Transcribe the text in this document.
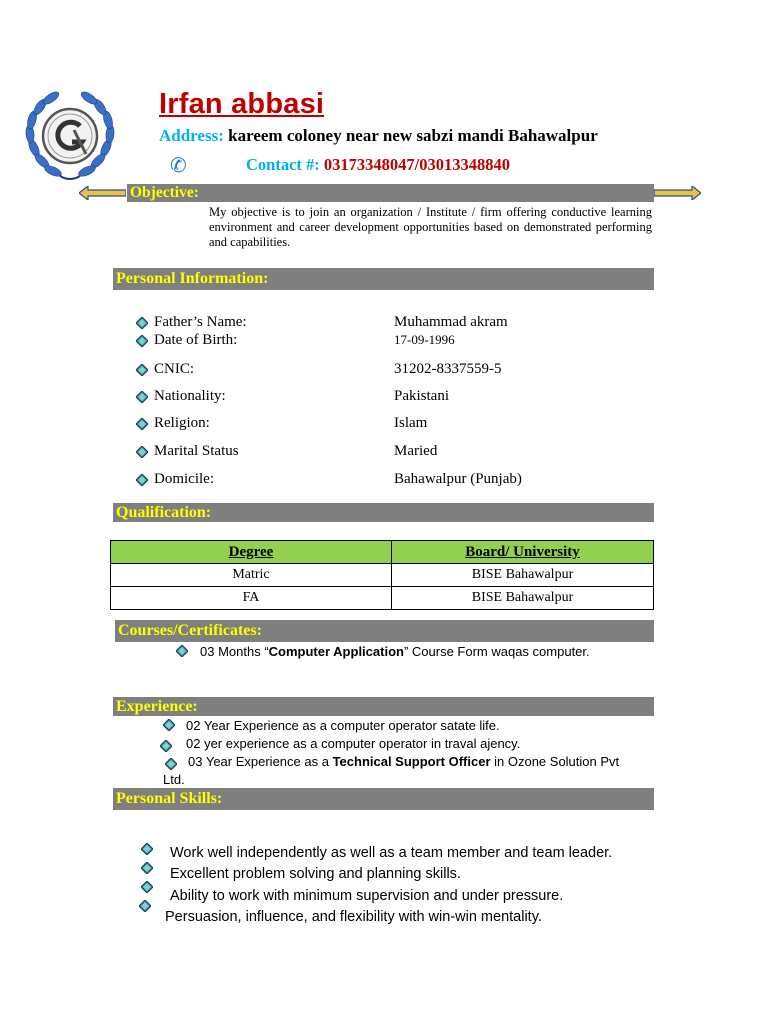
Irfan abbasi
Address: kareem coloney near new sabzi mandi Bahawalpur
✆	Contact #: 03173348047/03013348840
Objective:
My objective is to join an organization / Institute / firm offering conductive learning environment and career development opportunities based on demonstrated performing and capabilities.
Personal Information:
Father’s Name:	Muhammad akram
Date of Birth:	17-09-1996
CNIC:	31202-8337559-5
Nationality:	Pakistani
Religion:	Islam
Marital Status	Maried
Domicile:	Bahawalpur (Punjab)
Qualification:
Degree	Board/ University
Matric	BISE Bahawalpur
FA	BISE Bahawalpur
Courses/Certificates:
03 Months “Computer Application” Course Form waqas computer.
Experience:
02 Year Experience as a computer operator satate life.
02 yer experience as a computer operator in traval ajency.
03 Year Experience as a Technical Support Officer in Ozone Solution Pvt
Ltd.
Personal Skills:
Work well independently as well as a team member and team leader.
Excellent problem solving and planning skills.
Ability to work with minimum supervision and under pressure.
Persuasion, influence, and flexibility with win-win mentality.
